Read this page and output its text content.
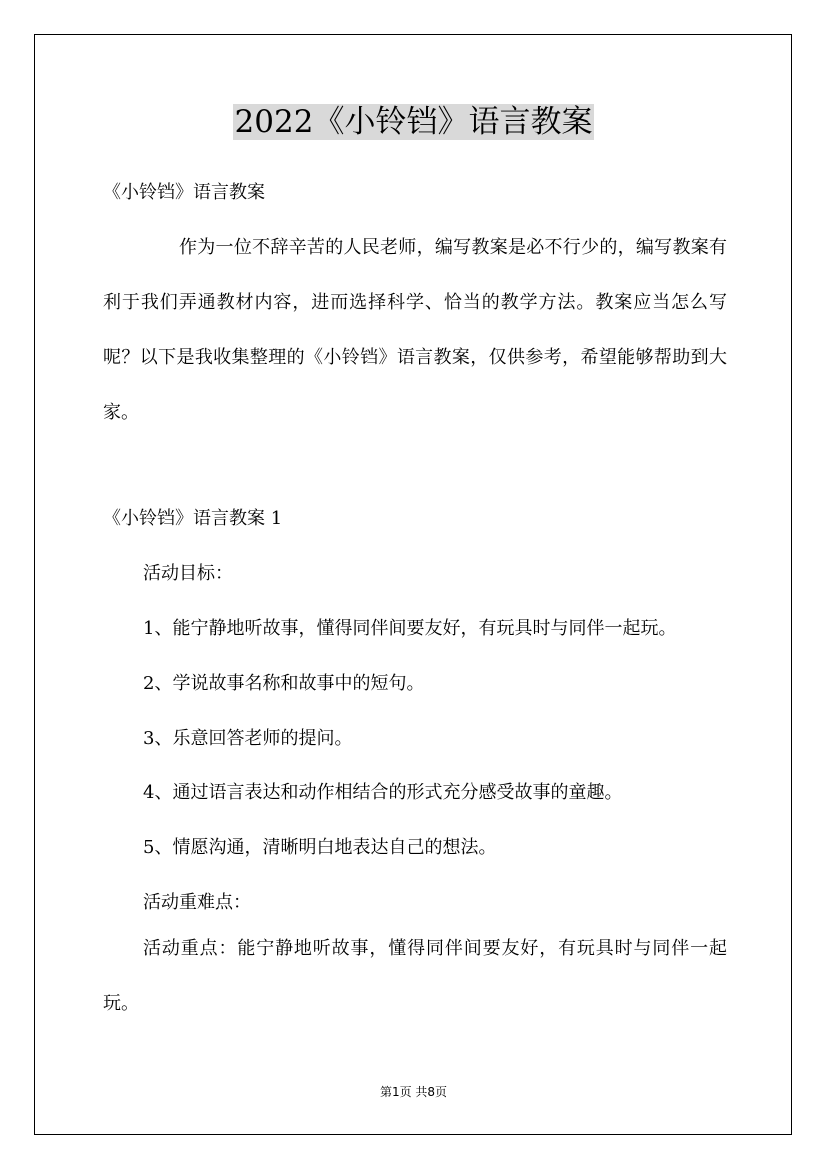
2022《小铃铛》语言教案
《小铃铛》语言教案

作为一位不辞辛苦的人民老师，编写教案是必不行少的，编写教案有利于我们弄通教材内容，进而选择科学、恰当的教学方法。教案应当怎么写呢？以下是我收集整理的《小铃铛》语言教案，仅供参考，希望能够帮助到大家。

《小铃铛》语言教案 1
活动目标：
1、能宁静地听故事，懂得同伴间要友好，有玩具时与同伴一起玩。
2、学说故事名称和故事中的短句。
3、乐意回答老师的提问。
4、通过语言表达和动作相结合的形式充分感受故事的童趣。
5、情愿沟通，清晰明白地表达自己的想法。
活动重难点：

活动重点：能宁静地听故事，懂得同伴间要友好，有玩具时与同伴一起玩。

第1页 共8页
